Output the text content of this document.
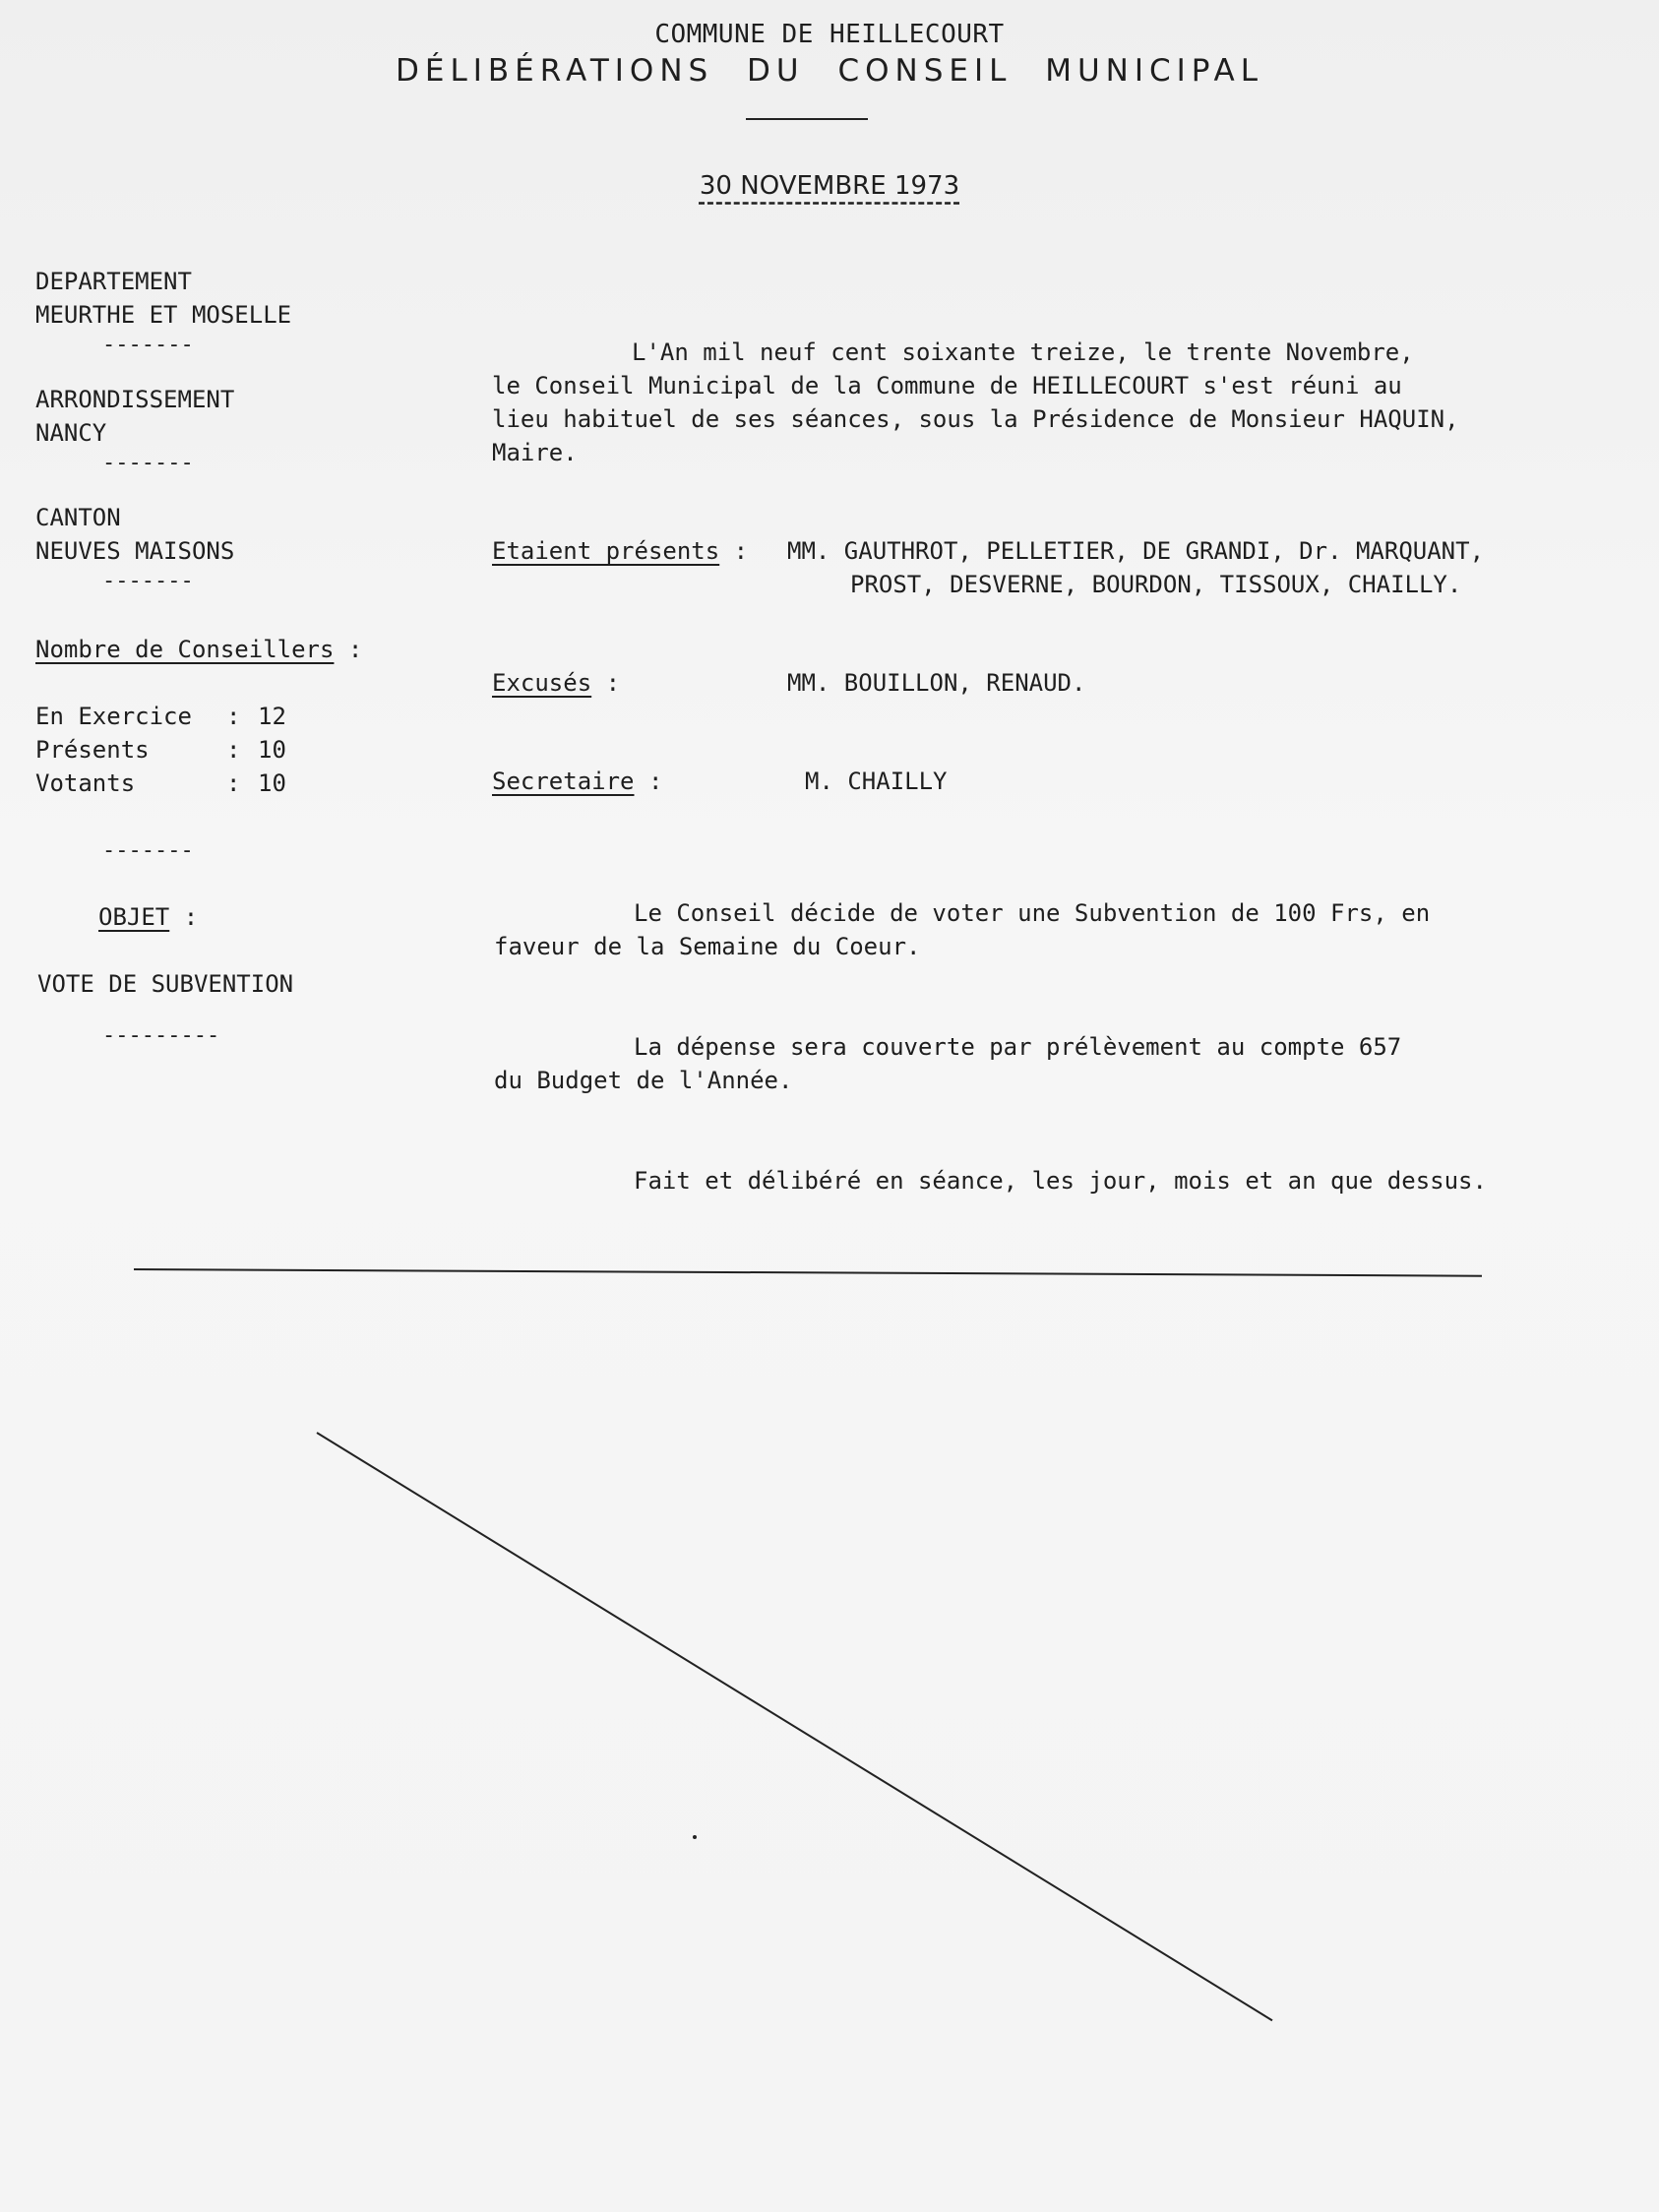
COMMUNE DE HEILLECOURT
DÉLIBÉRATIONS DU CONSEIL MUNICIPAL
30 NOVEMBRE 1973
DEPARTEMENT
MEURTHE ET MOSELLE
-------
ARRONDISSEMENT
NANCY
-------
CANTON
NEUVES MAISONS
-------
Nombre de Conseillers :
En Exercice : 12
Présents	: 10
Votants	: 10
-------
OBJET :
VOTE DE SUBVENTION
---------
L'An mil neuf cent soixante treize, le trente Novembre,
le Conseil Municipal de la Commune de HEILLECOURT s'est réuni au
lieu habituel de ses séances, sous la Présidence de Monsieur HAQUIN,
Maire.
Etaient présents : MM. GAUTHROT, PELLETIER, DE GRANDI, Dr. MARQUANT,
PROST, DESVERNE, BOURDON, TISSOUX, CHAILLY.
Excusés :	MM. BOUILLON, RENAUD.
Secretaire :	M. CHAILLY
Le Conseil décide de voter une Subvention de 100 Frs, en
faveur de la Semaine du Coeur.
La dépense sera couverte par prélèvement au compte 657
du Budget de l'Année.
Fait et délibéré en séance, les jour, mois et an que dessus.
